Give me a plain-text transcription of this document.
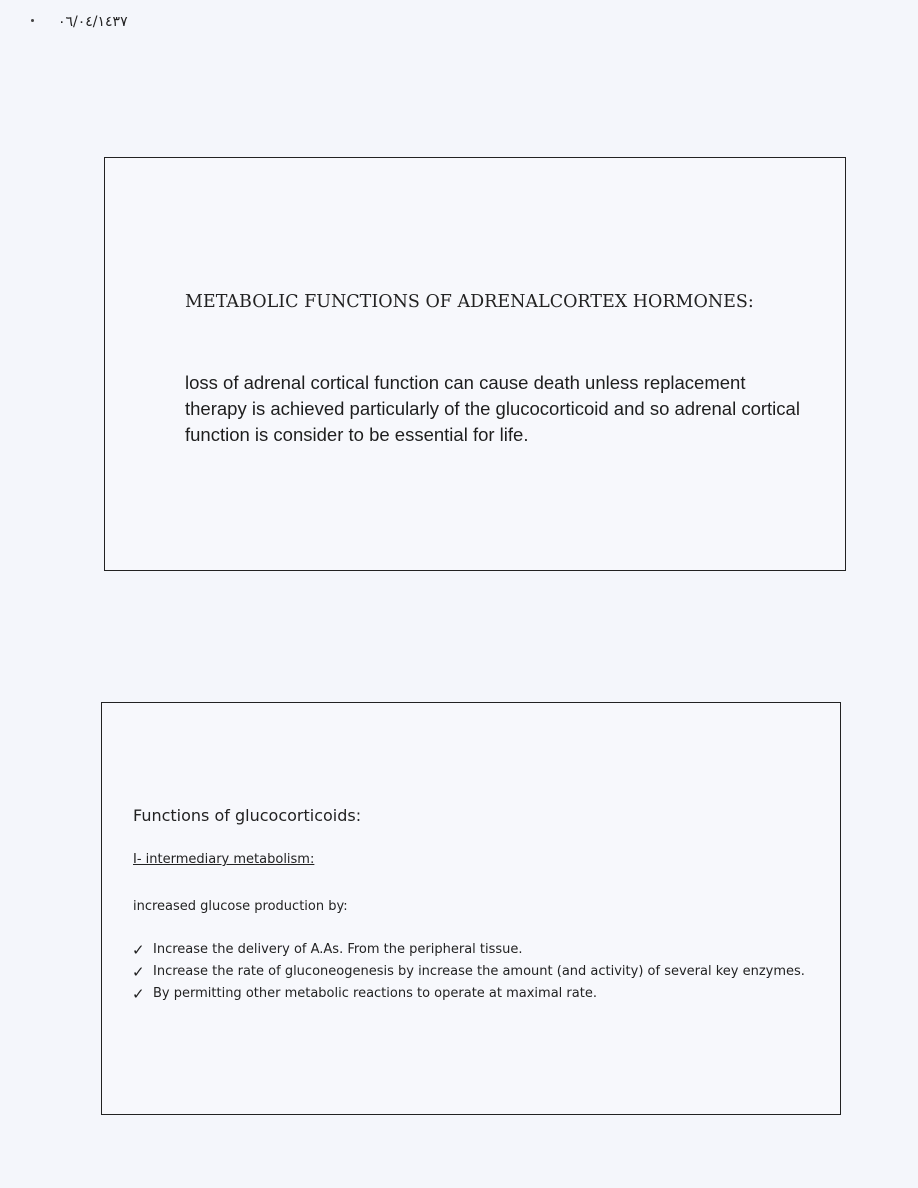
٠٦/٠٤/١٤٣٧
METABOLIC FUNCTIONS OF ADRENALCORTEX HORMONES:
loss of adrenal cortical function can cause death unless replacement therapy is achieved particularly of the glucocorticoid and so adrenal cortical function is consider to be essential for life.
Functions of glucocorticoids:
I- intermediary metabolism:
increased glucose production by:
✓ Increase the delivery of A.As. From the peripheral tissue.
✓ Increase the rate of gluconeogenesis by increase the amount (and activity) of several key enzymes.
✓ By permitting other metabolic reactions to operate at maximal rate.
